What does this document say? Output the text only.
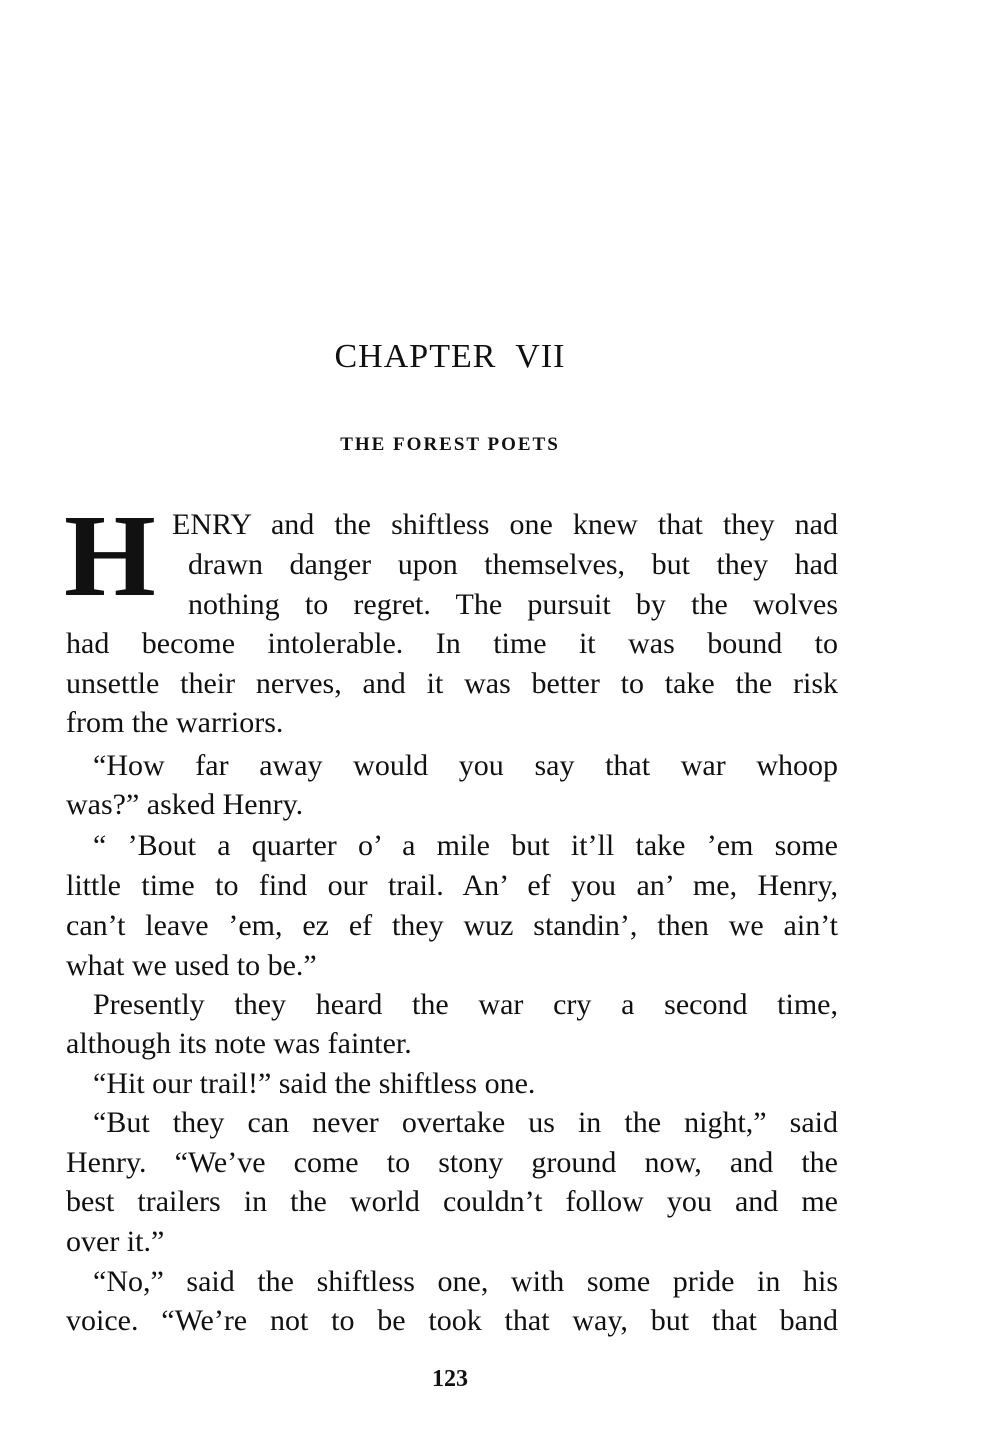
CHAPTER VII
THE FOREST POETS
H ENRY and the shiftless one knew that they nad
drawn danger upon themselves, but they had
nothing to regret. The pursuit by the wolves
had become intolerable. In time it was bound to
unsettle their nerves, and it was better to take the risk
from the warriors.
“How far away would you say that war whoop
was?” asked Henry.
“ ’Bout a quarter o’ a mile but it’ll take ’em some
little time to find our trail. An’ ef you an’ me, Henry,
can’t leave ’em, ez ef they wuz standin’, then we ain’t
what we used to be.”
Presently they heard the war cry a second time,
although its note was fainter.
“Hit our trail!” said the shiftless one.
“But they can never overtake us in the night,” said
Henry. “We’ve come to stony ground now, and the
best trailers in the world couldn’t follow you and me
over it.”
“No,” said the shiftless one, with some pride in his
voice. “We’re not to be took that way, but that band
123
